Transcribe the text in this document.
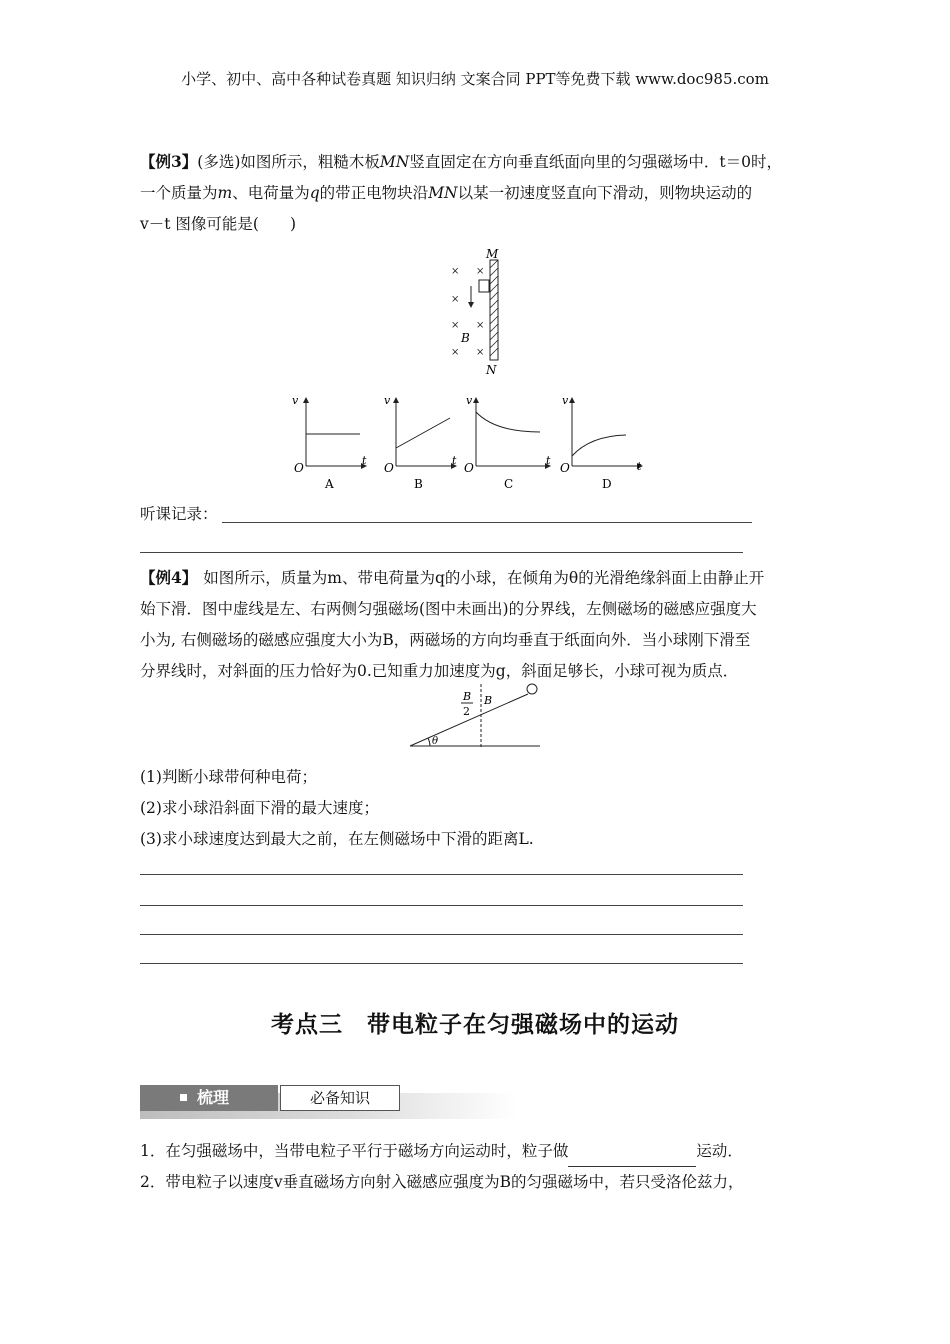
小学、初中、高中各种试卷真题 知识归纳 文案合同 PPT等免费下载 www.doc985.com
【例3】(多选)如图所示，粗糙木板MN竖直固定在方向垂直纸面向里的匀强磁场中．t＝0时，
一个质量为m、电荷量为q的带正电物块沿MN以某一初速度竖直向下滑动，则物块运动的
v－t 图像可能是(　　)
M
N
× ×
×
× ×
× ×
B
v
t
O
A
v
t
O
B
v
t
O
C
v
t
O
D
听课记录：
【例4】 如图所示，质量为m、带电荷量为q的小球，在倾角为θ的光滑绝缘斜面上由静止开
始下滑．图中虚线是左、右两侧匀强磁场(图中未画出)的分界线，左侧磁场的磁感应强度大
小为, 右侧磁场的磁感应强度大小为B，两磁场的方向均垂直于纸面向外．当小球刚下滑至
分界线时，对斜面的压力恰好为0.已知重力加速度为g，斜面足够长，小球可视为质点．
B
2
B
θ
(1)判断小球带何种电荷；
(2)求小球沿斜面下滑的最大速度；
(3)求小球速度达到最大之前，在左侧磁场中下滑的距离L.
考点三　带电粒子在匀强磁场中的运动
梳理	必备知识
1．在匀强磁场中，当带电粒子平行于磁场方向运动时，粒子做	运动．
2．带电粒子以速度v垂直磁场方向射入磁感应强度为B的匀强磁场中，若只受洛伦兹力，
